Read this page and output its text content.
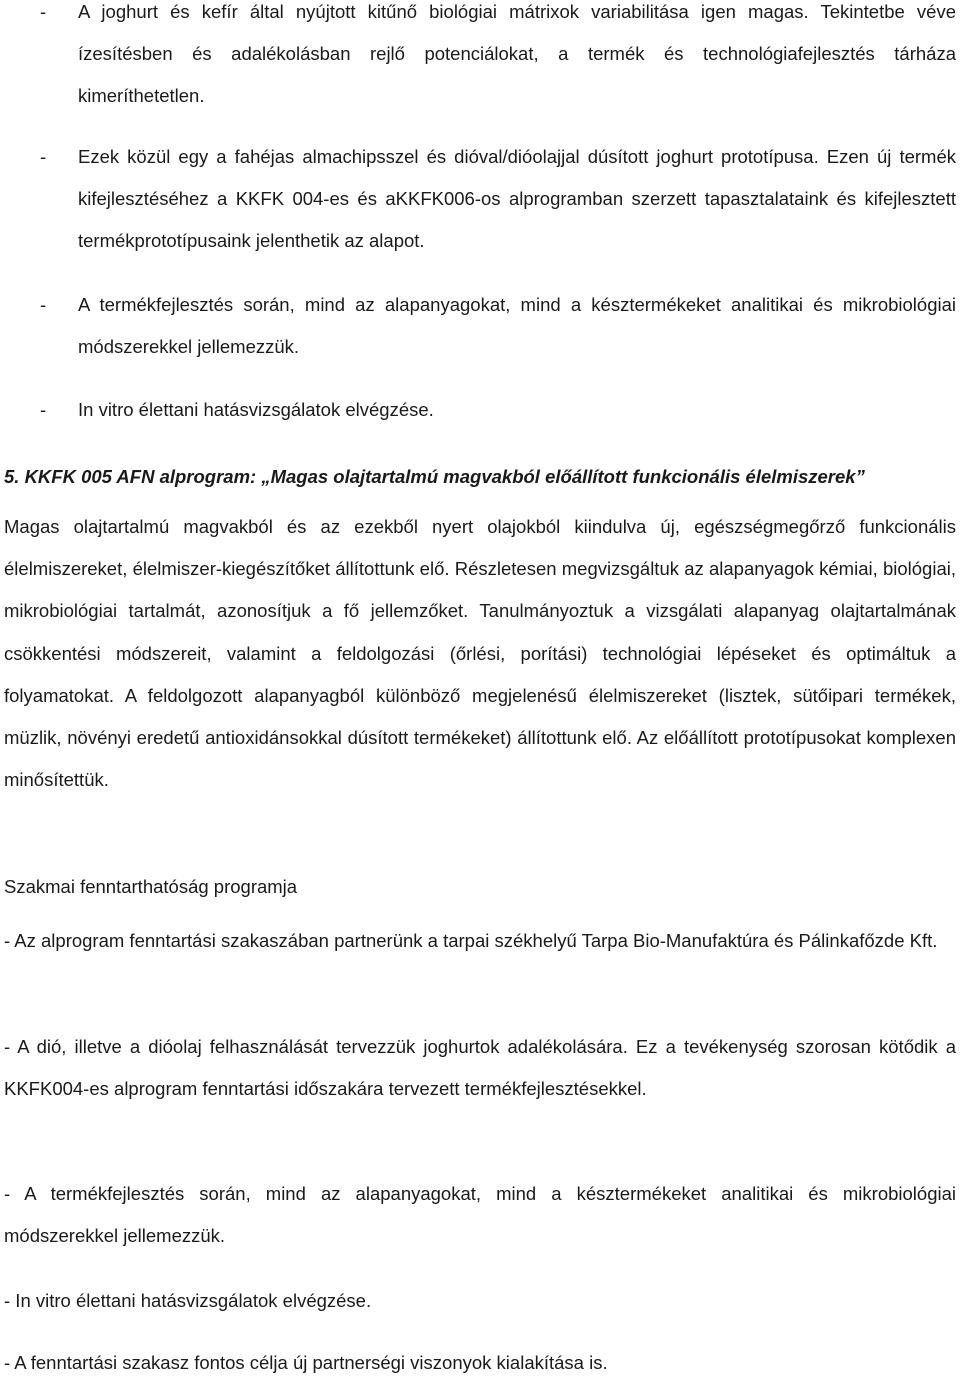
- A joghurt és kefír által nyújtott kitűnő biológiai mátrixok variabilitása igen magas. Tekintetbe véve ízesítésben és adalékolásban rejlő potenciálokat, a termék és technológiafejlesztés tárháza kimeríthetetlen.
- Ezek közül egy a fahéjas almachipsszel és dióval/dióolajjal dúsított joghurt prototípusa. Ezen új termék kifejlesztéséhez a KKFK 004-es és aKKFK006-os alprogramban szerzett tapasztalataink és kifejlesztett termékprototípusaink jelenthetik az alapot.
- A termékfejlesztés során, mind az alapanyagokat, mind a késztermékeket analitikai és mikrobiológiai módszerekkel jellemezzük.
- In vitro élettani hatásvizsgálatok elvégzése.
5. KKFK 005 AFN alprogram: „Magas olajtartalmú magvakból előállított funkcionális élelmiszerek”
Magas olajtartalmú magvakból és az ezekből nyert olajokból kiindulva új, egészségmegőrző funkcionális élelmiszereket, élelmiszer-kiegészítőket állítottunk elő. Részletesen megvizsgáltuk az alapanyagok kémiai, biológiai, mikrobiológiai tartalmát, azonosítjuk a fő jellemzőket. Tanulmányoztuk a vizsgálati alapanyag olajtartalmának csökkentési módszereit, valamint a feldolgozási (őrlési, porítási) technológiai lépéseket és optimáltuk a folyamatokat. A feldolgozott alapanyagból különböző megjelenésű élelmiszereket (lisztek, sütőipari termékek, müzlik, növényi eredetű antioxidánsokkal dúsított termékeket) állítottunk elő. Az előállított prototípusokat komplexen minősítettük.
Szakmai fenntarthatóság programja
- Az alprogram fenntartási szakaszában partnerünk a tarpai székhelyű Tarpa Bio-Manufaktúra és Pálinkafőzde Kft.
- A dió, illetve a dióolaj felhasználását tervezzük joghurtok adalékolására. Ez a tevékenység szorosan kötődik a KKFK004-es alprogram fenntartási időszakára tervezett termékfejlesztésekkel.
- A termékfejlesztés során, mind az alapanyagokat, mind a késztermékeket analitikai és mikrobiológiai módszerekkel jellemezzük.
- In vitro élettani hatásvizsgálatok elvégzése.
- A fenntartási szakasz fontos célja új partnerségi viszonyok kialakítása is.
